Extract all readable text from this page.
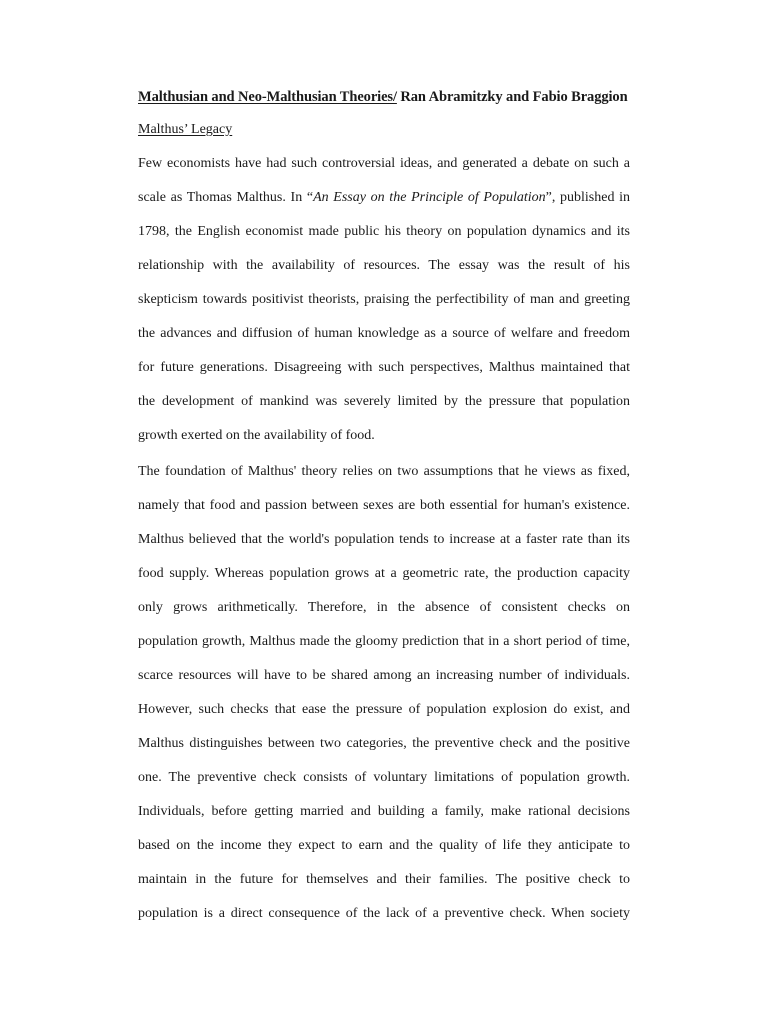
Malthusian and Neo-Malthusian Theories/ Ran Abramitzky and Fabio Braggion
Malthus’ Legacy

Few economists have had such controversial ideas, and generated a debate on such a
scale as Thomas Malthus. In “An Essay on the Principle of Population”, published in
1798, the English economist made public his theory on population dynamics and its
relationship with the availability of resources. The essay was the result of his
skepticism towards positivist theorists, praising the perfectibility of man and greeting
the advances and diffusion of human knowledge as a source of welfare and freedom
for future generations. Disagreeing with such perspectives, Malthus maintained that
the development of mankind was severely limited by the pressure that population
growth exerted on the availability of food.

The foundation of Malthus' theory relies on two assumptions that he views as fixed,
namely that food and passion between sexes are both essential for human's existence.
Malthus believed that the world's population tends to increase at a faster rate than its
food supply. Whereas population grows at a geometric rate, the production capacity
only grows arithmetically. Therefore, in the absence of consistent checks on
population growth, Malthus made the gloomy prediction that in a short period of time,
scarce resources will have to be shared among an increasing number of individuals.
However, such checks that ease the pressure of population explosion do exist, and
Malthus distinguishes between two categories, the preventive check and the positive
one. The preventive check consists of voluntary limitations of population growth.
Individuals, before getting married and building a family, make rational decisions
based on the income they expect to earn and the quality of life they anticipate to
maintain in the future for themselves and their families. The positive check to
population is a direct consequence of the lack of a preventive check. When society
